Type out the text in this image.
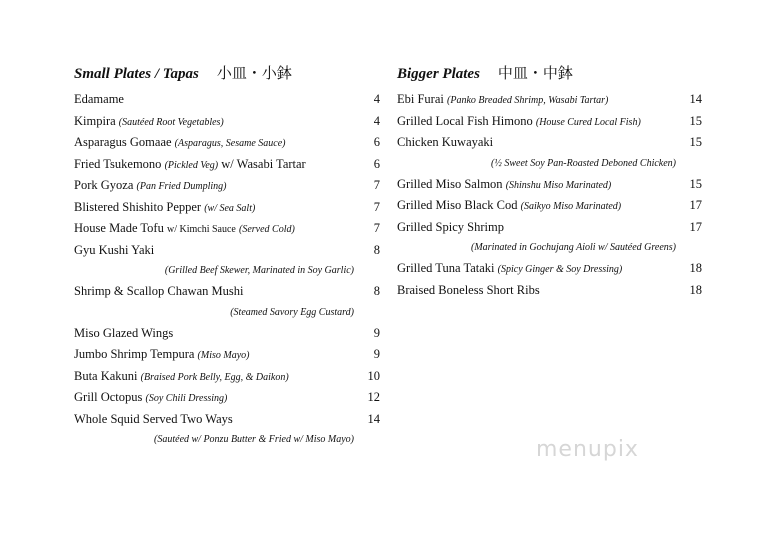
Small Plates / Tapas 小皿・小鉢
Edamame	4
Kimpira (Sautéed Root Vegetables)	4
Asparagus Gomaae (Asparagus, Sesame Sauce)	6
Fried Tsukemono (Pickled Veg) w/ Wasabi Tartar	6
Pork Gyoza (Pan Fried Dumpling)	7
Blistered Shishito Pepper (w/ Sea Salt)	7
House Made Tofu w/ Kimchi Sauce (Served Cold)	7
Gyu Kushi Yaki	8
(Grilled Beef Skewer, Marinated in Soy Garlic)
Shrimp & Scallop Chawan Mushi	8
(Steamed Savory Egg Custard)
Miso Glazed Wings	9
Jumbo Shrimp Tempura (Miso Mayo)	9
Buta Kakuni (Braised Pork Belly, Egg, & Daikon)	10
Grill Octopus (Soy Chili Dressing)	12
Whole Squid Served Two Ways	14
(Sautéed w/ Ponzu Butter & Fried w/ Miso Mayo)
Bigger Plates 中皿・中鉢
Ebi Furai (Panko Breaded Shrimp, Wasabi Tartar)	14
Grilled Local Fish Himono (House Cured Local Fish)	15
Chicken Kuwayaki	15
(½ Sweet Soy Pan-Roasted Deboned Chicken)
Grilled Miso Salmon (Shinshu Miso Marinated)	15
Grilled Miso Black Cod (Saikyo Miso Marinated)	17
Grilled Spicy Shrimp	17
(Marinated in Gochujang Aioli w/ Sautéed Greens)
Grilled Tuna Tataki (Spicy Ginger & Soy Dressing)	18
Braised Boneless Short Ribs	18
menupix
